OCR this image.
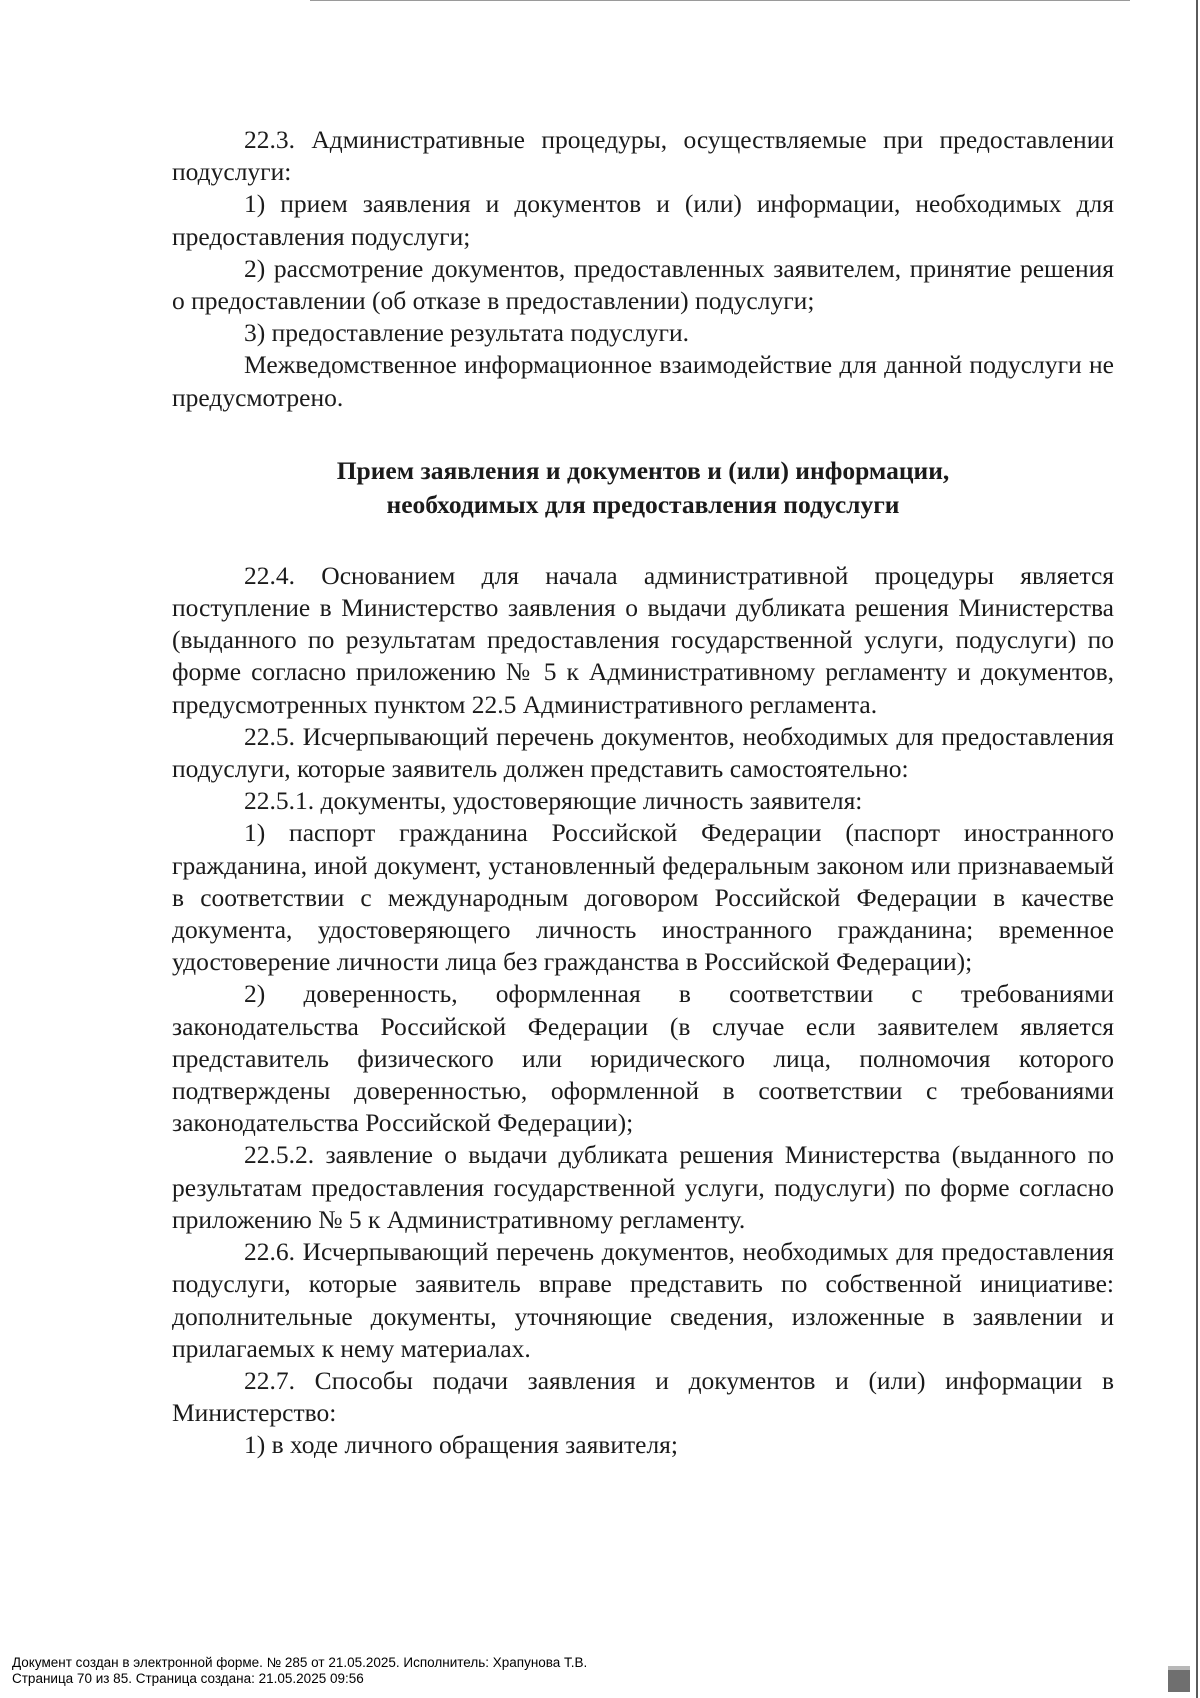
22.3. Административные процедуры, осуществляемые при предоставлении подуслуги:

1) прием заявления и документов и (или) информации, необходимых для предоставления подуслуги;

2) рассмотрение документов, предоставленных заявителем, принятие решения о предоставлении (об отказе в предоставлении) подуслуги;

3) предоставление результата подуслуги.

Межведомственное информационное взаимодействие для данной подуслуги не предусмотрено.

Прием заявления и документов и (или) информации,
необходимых для предоставления подуслуги

22.4. Основанием для начала административной процедуры является поступление в Министерство заявления о выдачи дубликата решения Министерства (выданного по результатам предоставления государственной услуги, подуслуги) по форме согласно приложению № 5 к Административному регламенту и документов, предусмотренных пунктом 22.5 Административного регламента.

22.5. Исчерпывающий перечень документов, необходимых для предоставления подуслуги, которые заявитель должен представить самостоятельно:

22.5.1. документы, удостоверяющие личность заявителя:

1) паспорт гражданина Российской Федерации (паспорт иностранного гражданина, иной документ, установленный федеральным законом или признаваемый в соответствии с международным договором Российской Федерации в качестве документа, удостоверяющего личность иностранного гражданина; временное удостоверение личности лица без гражданства в Российской Федерации);

2) доверенность, оформленная в соответствии с требованиями законодательства Российской Федерации (в случае если заявителем является представитель физического или юридического лица, полномочия которого подтверждены доверенностью, оформленной в соответствии с требованиями законодательства Российской Федерации);

22.5.2. заявление о выдачи дубликата решения Министерства (выданного по результатам предоставления государственной услуги, подуслуги) по форме согласно приложению № 5 к Административному регламенту.

22.6. Исчерпывающий перечень документов, необходимых для предоставления подуслуги, которые заявитель вправе представить по собственной инициативе: дополнительные документы, уточняющие сведения, изложенные в заявлении и прилагаемых к нему материалах.

22.7. Способы подачи заявления и документов и (или) информации в Министерство:

1) в ходе личного обращения заявителя;

Документ создан в электронной форме. № 285 от 21.05.2025. Исполнитель: Храпунова Т.В.
Страница 70 из 85. Страница создана: 21.05.2025 09:56
